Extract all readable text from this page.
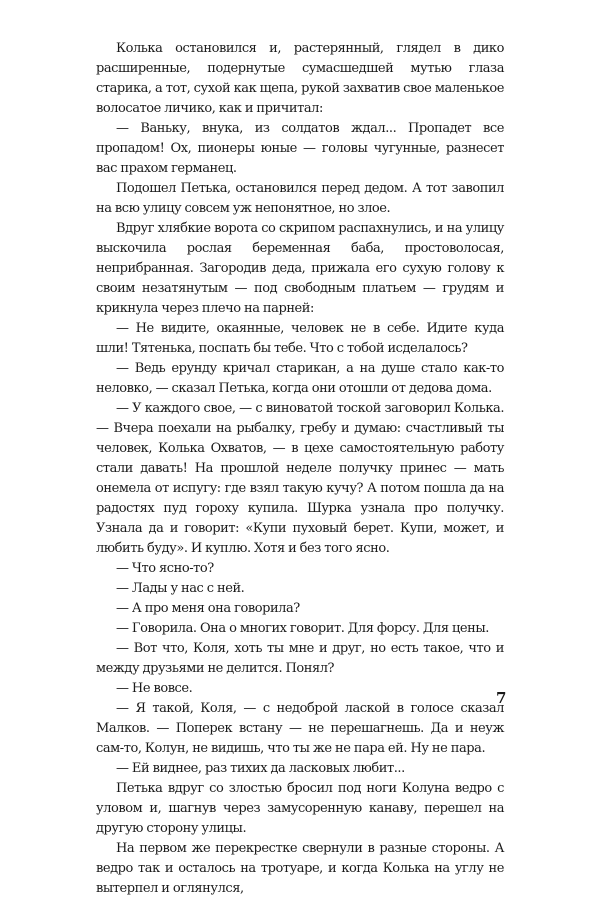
Колька остановился и, растерянный, глядел в дико расширенные, подернутые сумасшедшей мутью глаза старика, а тот, сухой как щепа, рукой захватив свое маленькое волосатое личико, как и причитал:

— Ваньку, внука, из солдатов ждал... Пропадет все пропадом! Ох, пионеры юные — головы чугунные, разнесет вас прахом германец.

Подошел Петька, остановился перед дедом. А тот завопил на всю улицу совсем уж непонятное, но злое.

Вдруг хлябкие ворота со скрипом распахнулись, и на улицу выскочила рослая беременная баба, простоволосая, неприбранная. Загородив деда, прижала его сухую голову к своим незатянутым — под свободным платьем — грудям и крикнула через плечо на парней:

— Не видите, окаянные, человек не в себе. Идите куда шли! Тятенька, поспать бы тебе. Что с тобой исделалось?

— Ведь ерунду кричал старикан, а на душе стало как-то неловко, — сказал Петька, когда они отошли от дедова дома.

— У каждого свое, — с виноватой тоской заговорил Колька. — Вчера поехали на рыбалку, гребу и думаю: счастливый ты человек, Колька Охватов, — в цехе самостоятельную работу стали давать! На прошлой неделе получку принес — мать онемела от испугу: где взял такую кучу? А потом пошла да на радостях пуд гороху купила. Шурка узнала про получку. Узнала да и говорит: «Купи пуховый берет. Купи, может, и любить буду». И куплю. Хотя и без того ясно.

— Что ясно-то?

— Лады у нас с ней.

— А про меня она говорила?

— Говорила. Она о многих говорит. Для форсу. Для цены.

— Вот что, Коля, хоть ты мне и друг, но есть такое, что и между друзьями не делится. Понял?

— Не вовсе.

— Я такой, Коля, — с недоброй лаской в голосе сказал Малков. — Поперек встану — не перешагнешь. Да и неуж сам-то, Колун, не видишь, что ты же не пара ей. Ну не пара.

— Ей виднее, раз тихих да ласковых любит...

Петька вдруг со злостью бросил под ноги Колуна ведро с уловом и, шагнув через замусоренную канаву, перешел на другую сторону улицы.

На первом же перекрестке свернули в разные стороны. А ведро так и осталось на тротуаре, и когда Колька на углу не вытерпел и оглянулся,

7
